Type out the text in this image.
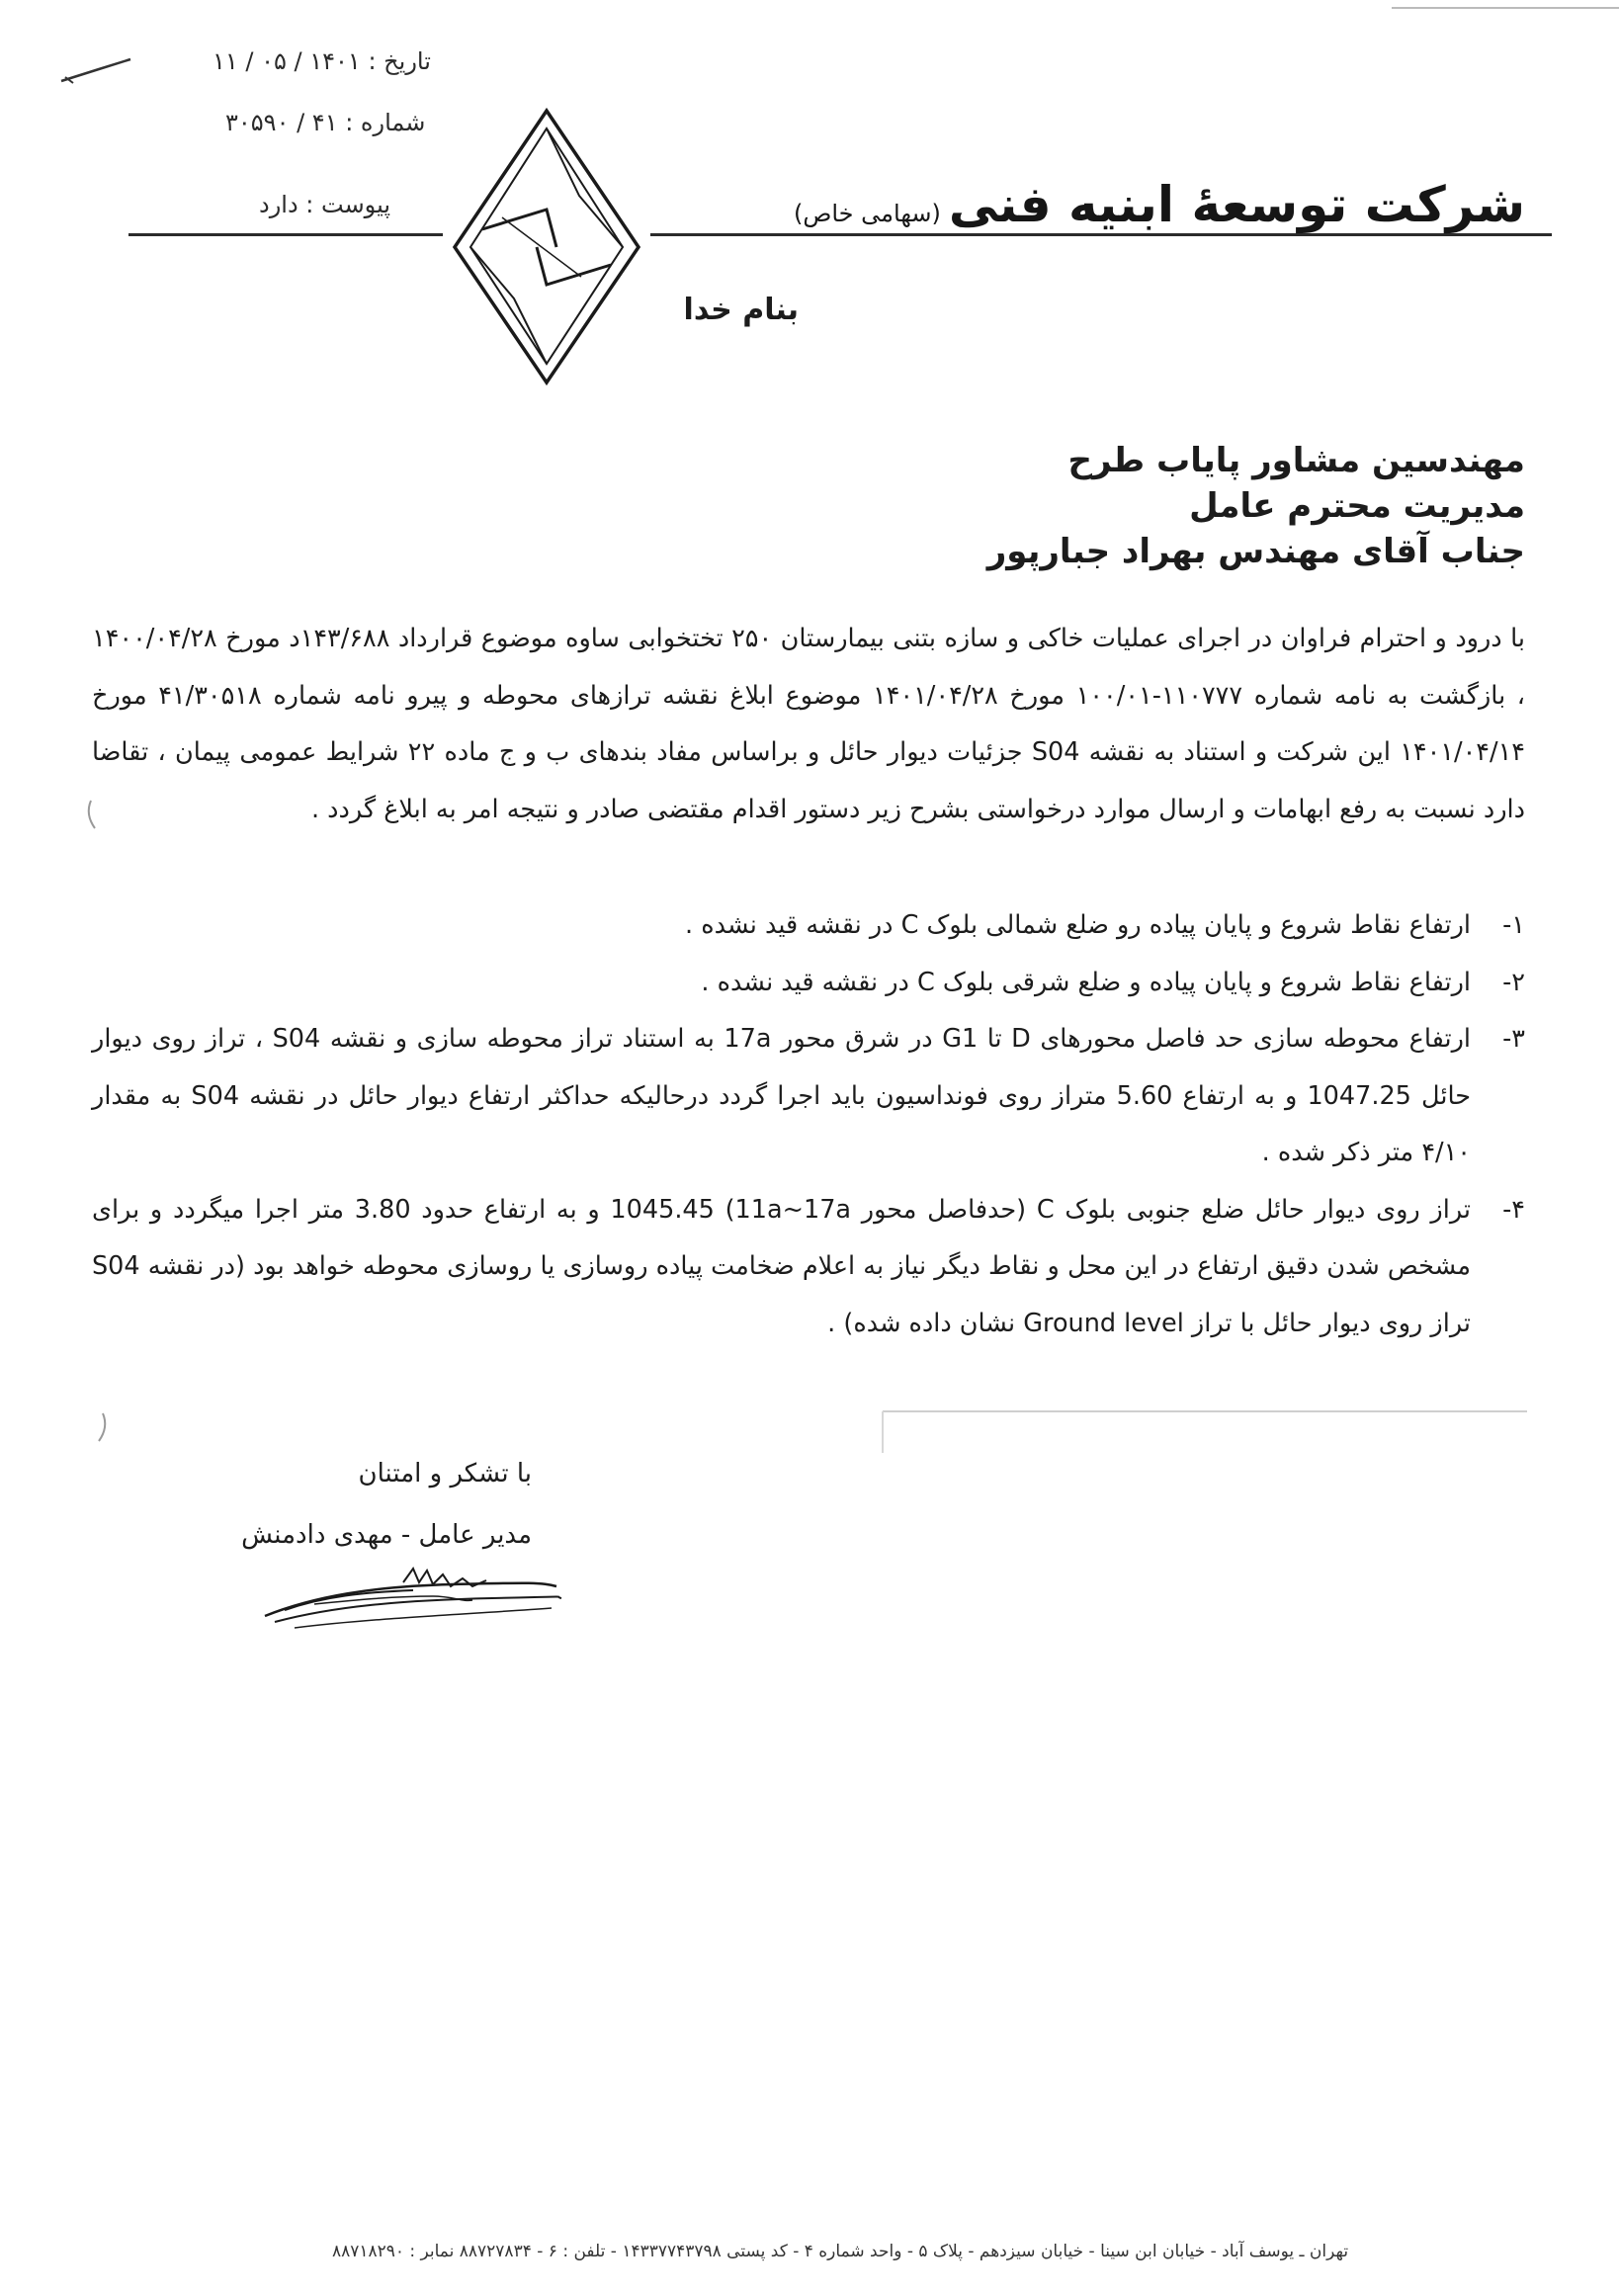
تاریخ : ۱۴۰۱ / ۰۵ / ۱۱
شماره : ۴۱ / ۳۰۵۹۰
پیوست : دارد	شرکت توسعهٔ ابنیه فنی(سهامی خاص)
بنام خدا
مهندسین مشاور پایاب طرح
مدیریت محترم عامل
جناب آقای مهندس بهراد جبارپور

با درود و احترام فراوان در اجرای عملیات خاکی و سازه بتنی بیمارستان ۲۵۰ تختخوابی ساوه موضوع قرارداد ۱۴۳/۶۸۸د مورخ ۱۴۰۰/۰۴/۲۸ ، بازگشت به نامه شماره ۱۱۰۷۷۷-۱۰۰/۰۱ مورخ ۱۴۰۱/۰۴/۲۸ موضوع ابلاغ نقشه ترازهای محوطه و پیرو نامه شماره ۴۱/۳۰۵۱۸ مورخ ۱۴۰۱/۰۴/۱۴ این شرکت و استناد به نقشه S04 جزئیات دیوار حائل و براساس مفاد بندهای ب و ج ماده ۲۲ شرایط عمومی پیمان ، تقاضا دارد نسبت به رفع ابهامات و ارسال موارد درخواستی بشرح زیر دستور اقدام مقتضی صادر و نتیجه امر به ابلاغ گردد .

۱-
ارتفاع نقاط شروع و پایان پیاده رو ضلع شمالی بلوک C در نقشه قید نشده .
۲-
ارتفاع نقاط شروع و پایان پیاده و ضلع شرقی بلوک C در نقشه قید نشده .
۳-
ارتفاع محوطه سازی حد فاصل محورهای D تا G1 در شرق محور 17a به استناد تراز محوطه سازی و نقشه S04 ، تراز روی دیوار حائل 1047.25 و به ارتفاع 5.60 متراز روی فونداسیون باید اجرا گردد درحالیکه حداکثر ارتفاع دیوار حائل در نقشه S04 به مقدار ۴/۱۰ متر ذکر شده .
۴-
تراز روی دیوار حائل ضلع جنوبی بلوک C (حدفاصل محور 11a~17a) 1045.45 و به ارتفاع حدود 3.80 متر اجرا میگردد و برای مشخص شدن دقیق ارتفاع در این محل و نقاط دیگر نیاز به اعلام ضخامت پیاده روسازی یا روسازی محوطه خواهد بود (در نقشه S04 تراز روی دیوار حائل با تراز Ground level نشان داده شده) .
با تشکر و امتنان
مدیر عامل - مهدی دادمنش
تهران ـ یوسف آباد - خیابان ابن سینا - خیابان سیزدهم - پلاک ۵ - واحد شماره ۴ - کد پستی ۱۴۳۳۷۷۴۳۷۹۸ - تلفن : ۶ - ۸۸۷۲۷۸۳۴ نمابر : ۸۸۷۱۸۲۹۰
